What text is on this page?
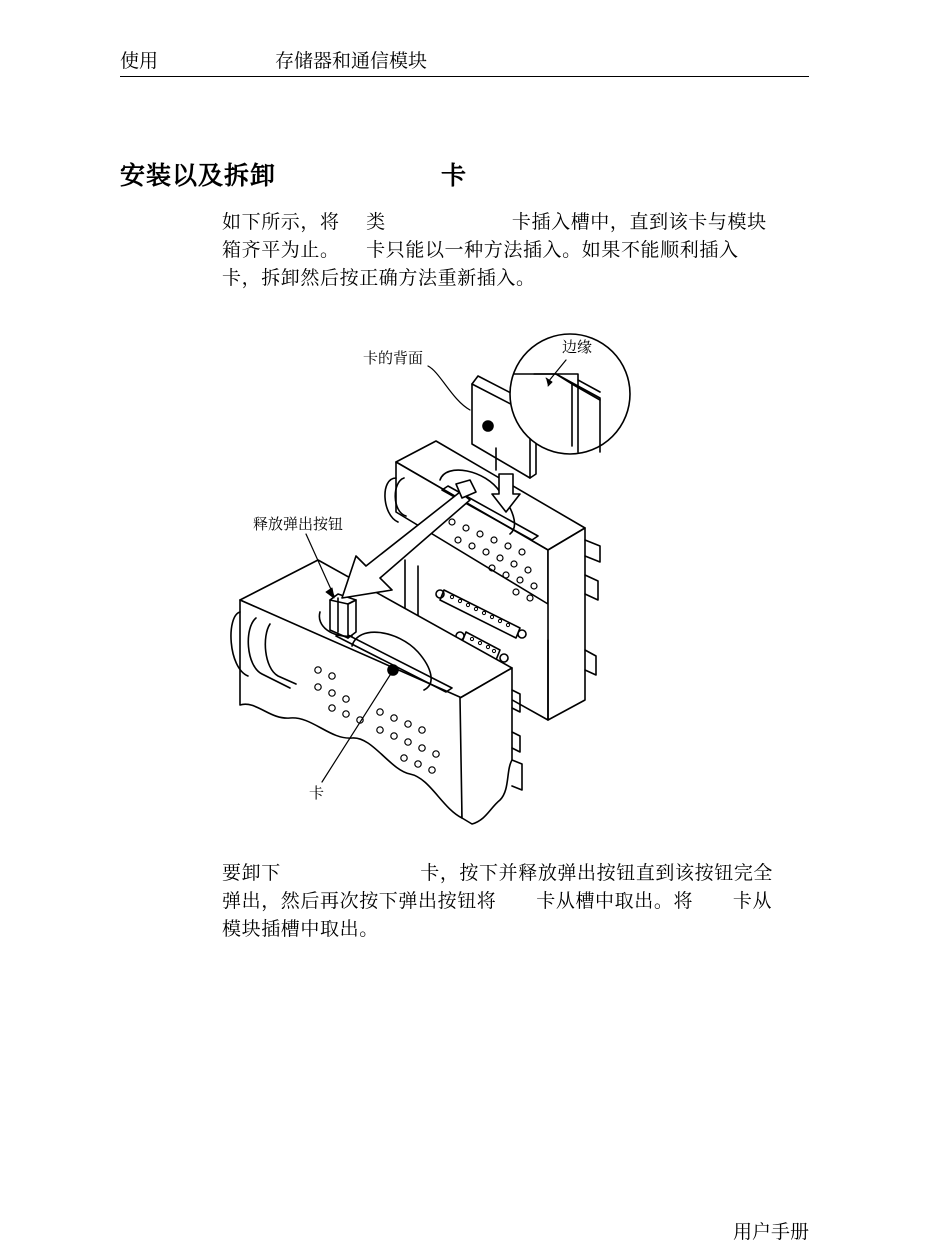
使用	存储器和通信模块
安装以及拆卸	卡
如下所示，将    类                   卡插入槽中，直到该卡与模块
箱齐平为止。    卡只能以一种方法插入。如果不能顺利插入
卡，拆卸然后按正确方法重新插入。
卡的背面
边缘
释放弹出按钮
卡
要卸下                     卡，按下并释放弹出按钮直到该按钮完全
弹出，然后再次按下弹出按钮将      卡从槽中取出。将      卡从
模块插槽中取出。
用户手册
